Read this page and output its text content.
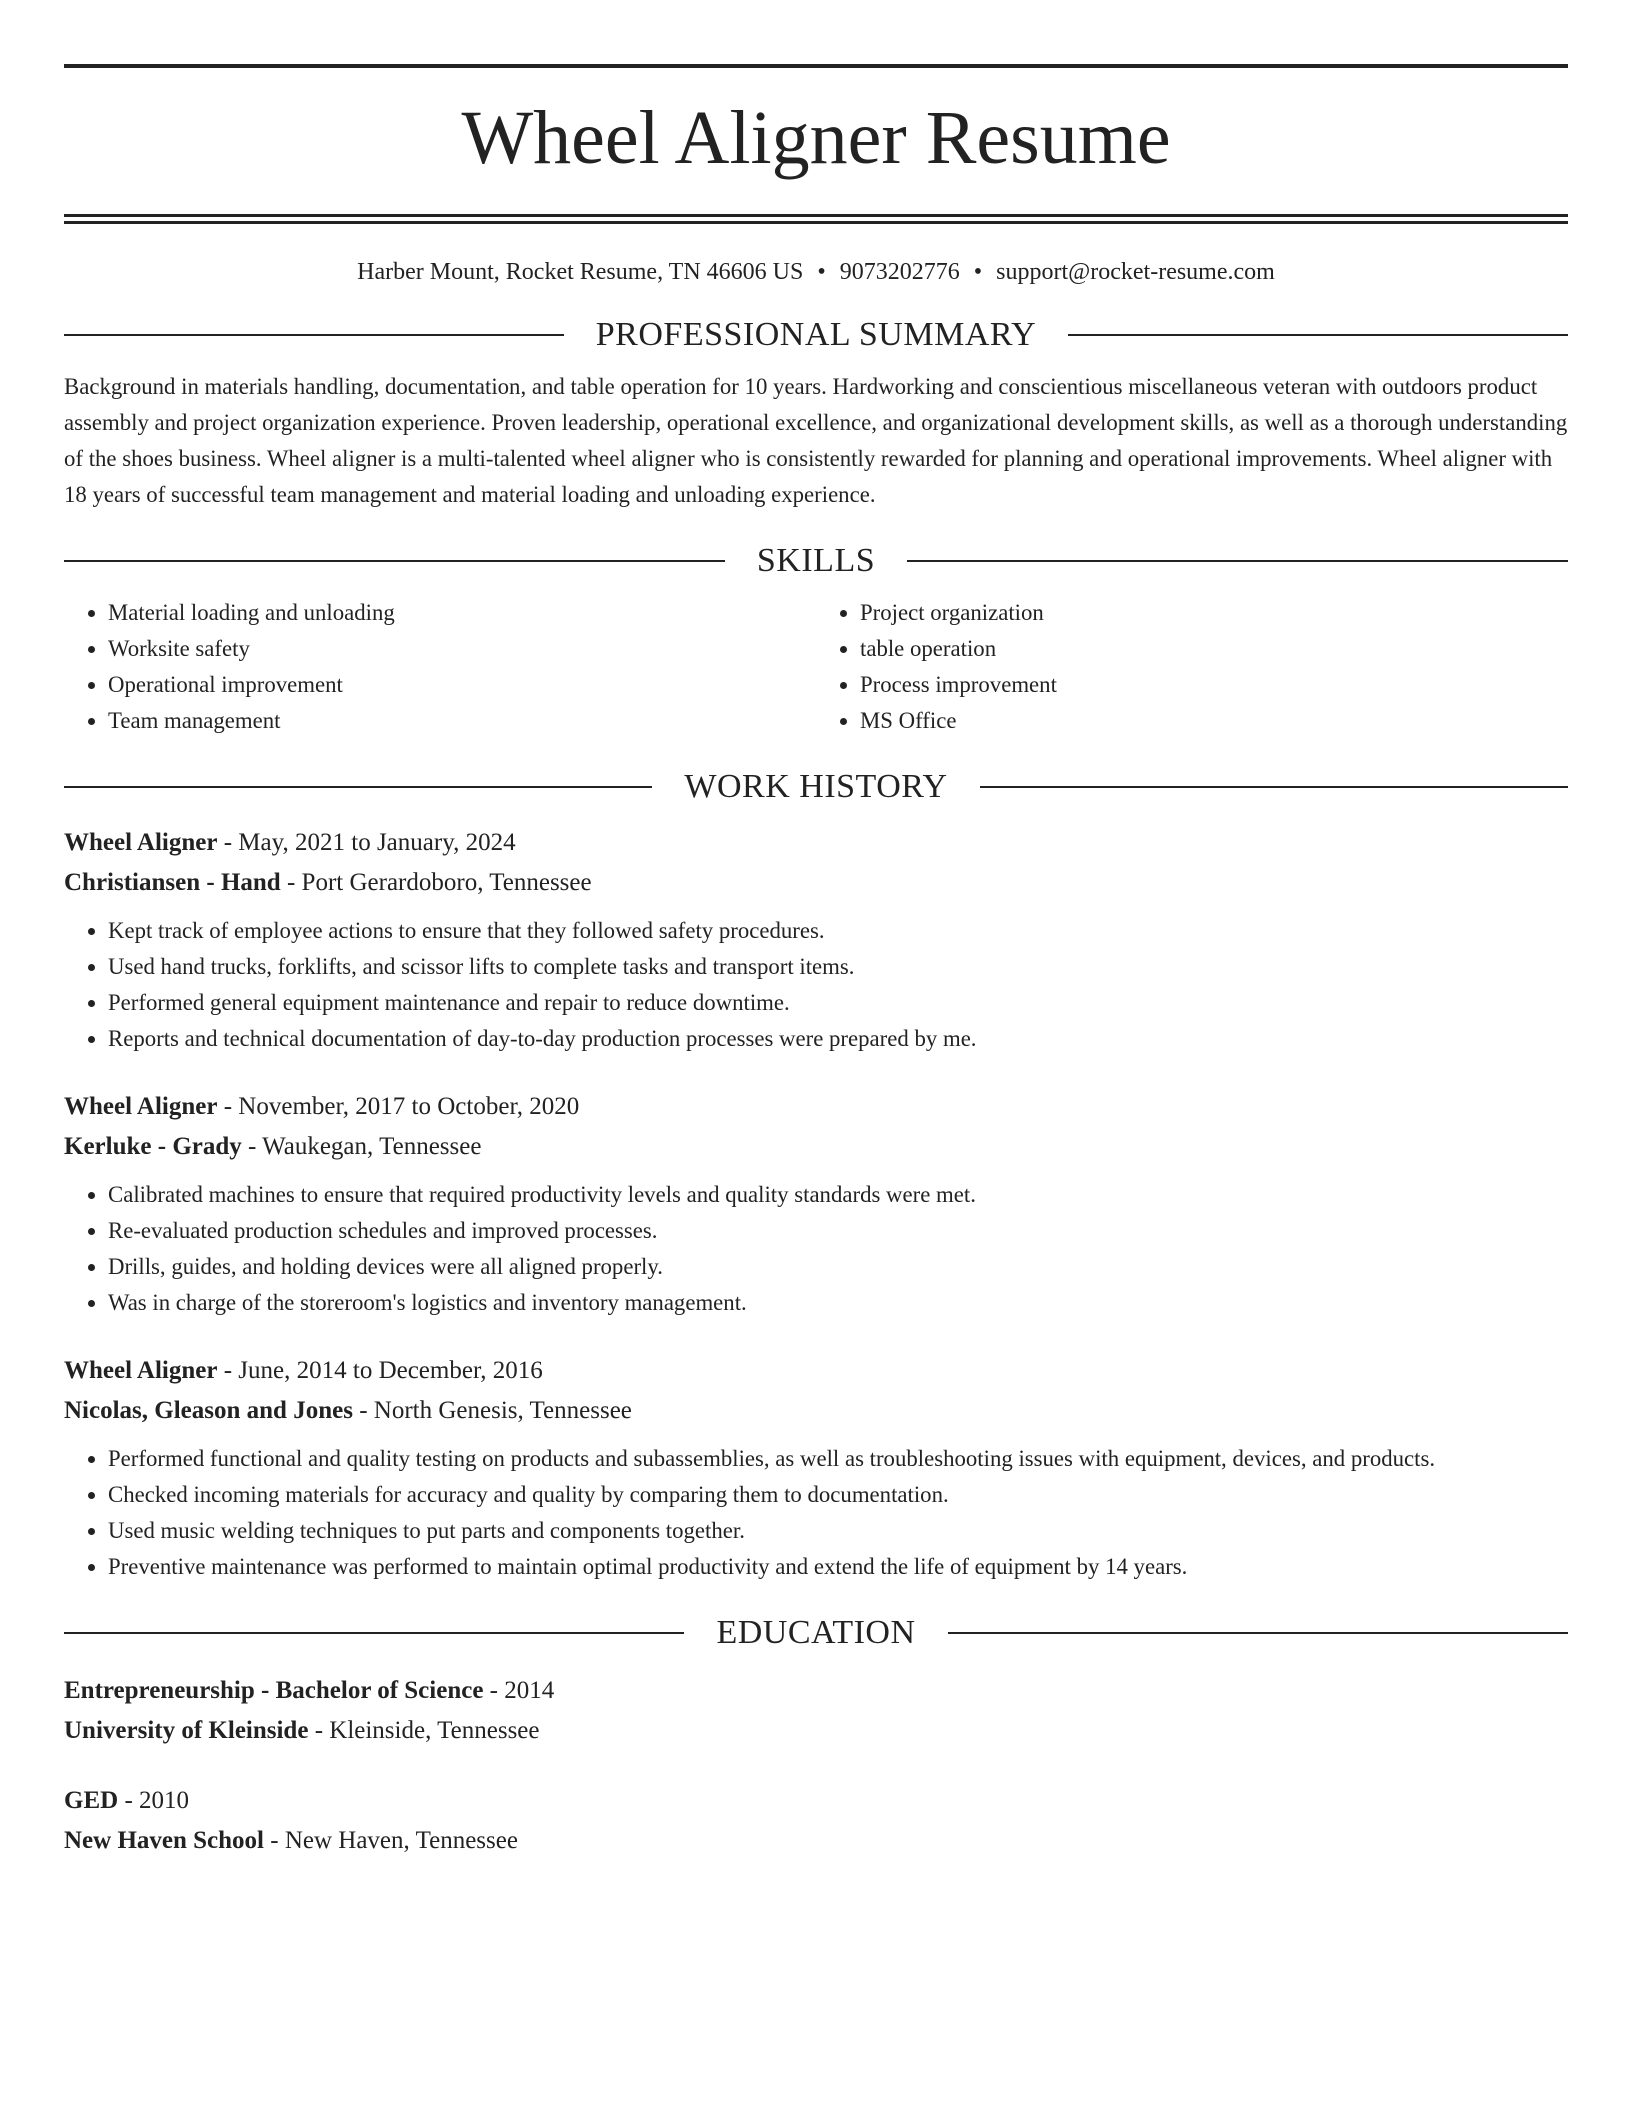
Wheel Aligner Resume
Harber Mount, Rocket Resume, TN 46606 US • 9073202776 • support@rocket-resume.com
PROFESSIONAL SUMMARY
Background in materials handling, documentation, and table operation for 10 years. Hardworking and conscientious miscellaneous veteran with outdoors product assembly and project organization experience. Proven leadership, operational excellence, and organizational development skills, as well as a thorough understanding of the shoes business. Wheel aligner is a multi-talented wheel aligner who is consistently rewarded for planning and operational improvements. Wheel aligner with 18 years of successful team management and material loading and unloading experience.
SKILLS
• Material loading and unloading
• Worksite safety
• Operational improvement
• Team management
• Project organization
• table operation
• Process improvement
• MS Office
WORK HISTORY
Wheel Aligner - May, 2021 to January, 2024
Christiansen - Hand - Port Gerardoboro, Tennessee
• Kept track of employee actions to ensure that they followed safety procedures.
• Used hand trucks, forklifts, and scissor lifts to complete tasks and transport items.
• Performed general equipment maintenance and repair to reduce downtime.
• Reports and technical documentation of day-to-day production processes were prepared by me.
Wheel Aligner - November, 2017 to October, 2020
Kerluke - Grady - Waukegan, Tennessee
• Calibrated machines to ensure that required productivity levels and quality standards were met.
• Re-evaluated production schedules and improved processes.
• Drills, guides, and holding devices were all aligned properly.
• Was in charge of the storeroom's logistics and inventory management.
Wheel Aligner - June, 2014 to December, 2016
Nicolas, Gleason and Jones - North Genesis, Tennessee
• Performed functional and quality testing on products and subassemblies, as well as troubleshooting issues with equipment, devices, and products.
• Checked incoming materials for accuracy and quality by comparing them to documentation.
• Used music welding techniques to put parts and components together.
• Preventive maintenance was performed to maintain optimal productivity and extend the life of equipment by 14 years.
EDUCATION
Entrepreneurship - Bachelor of Science - 2014
University of Kleinside - Kleinside, Tennessee
GED - 2010
New Haven School - New Haven, Tennessee
